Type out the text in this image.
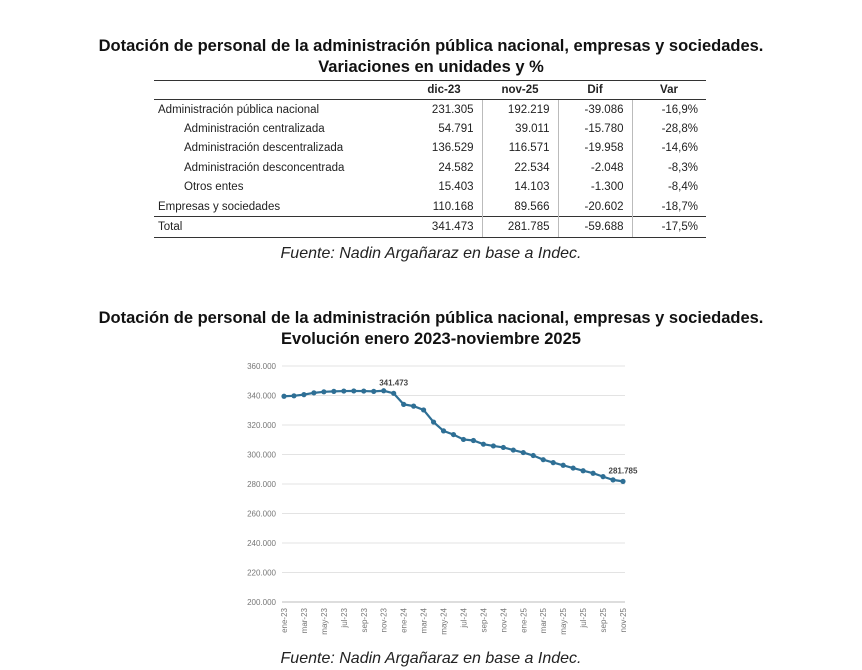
Dotación de personal de la administración pública nacional, empresas y sociedades. Variaciones en unidades y %
	dic-23	nov-25	Dif	Var
Administración pública nacional	231.305	192.219	-39.086	-16,9%
Administración centralizada	54.791	39.011	-15.780	-28,8%
Administración descentralizada	136.529	116.571	-19.958	-14,6%
Administración desconcentrada	24.582	22.534	-2.048	-8,3%
Otros entes	15.403	14.103	-1.300	-8,4%
Empresas y sociedades	110.168	89.566	-20.602	-18,7%
Total	341.473	281.785	-59.688	-17,5%
Fuente: Nadin Argañaraz en base a Indec.
Dotación de personal de la administración pública nacional, empresas y sociedades. Evolución enero 2023-noviembre 2025
200.000
220.000
240.000
260.000
280.000
300.000
320.000
340.000
360.000
ene-23 mar-23 may-23 jul-23 sep-23 nov-23 ene-24 mar-24 may-24 jul-24 sep-24 nov-24 ene-25 mar-25 may-25 jul-25 sep-25 nov-25
341.473
281.785
Fuente: Nadin Argañaraz en base a Indec.
